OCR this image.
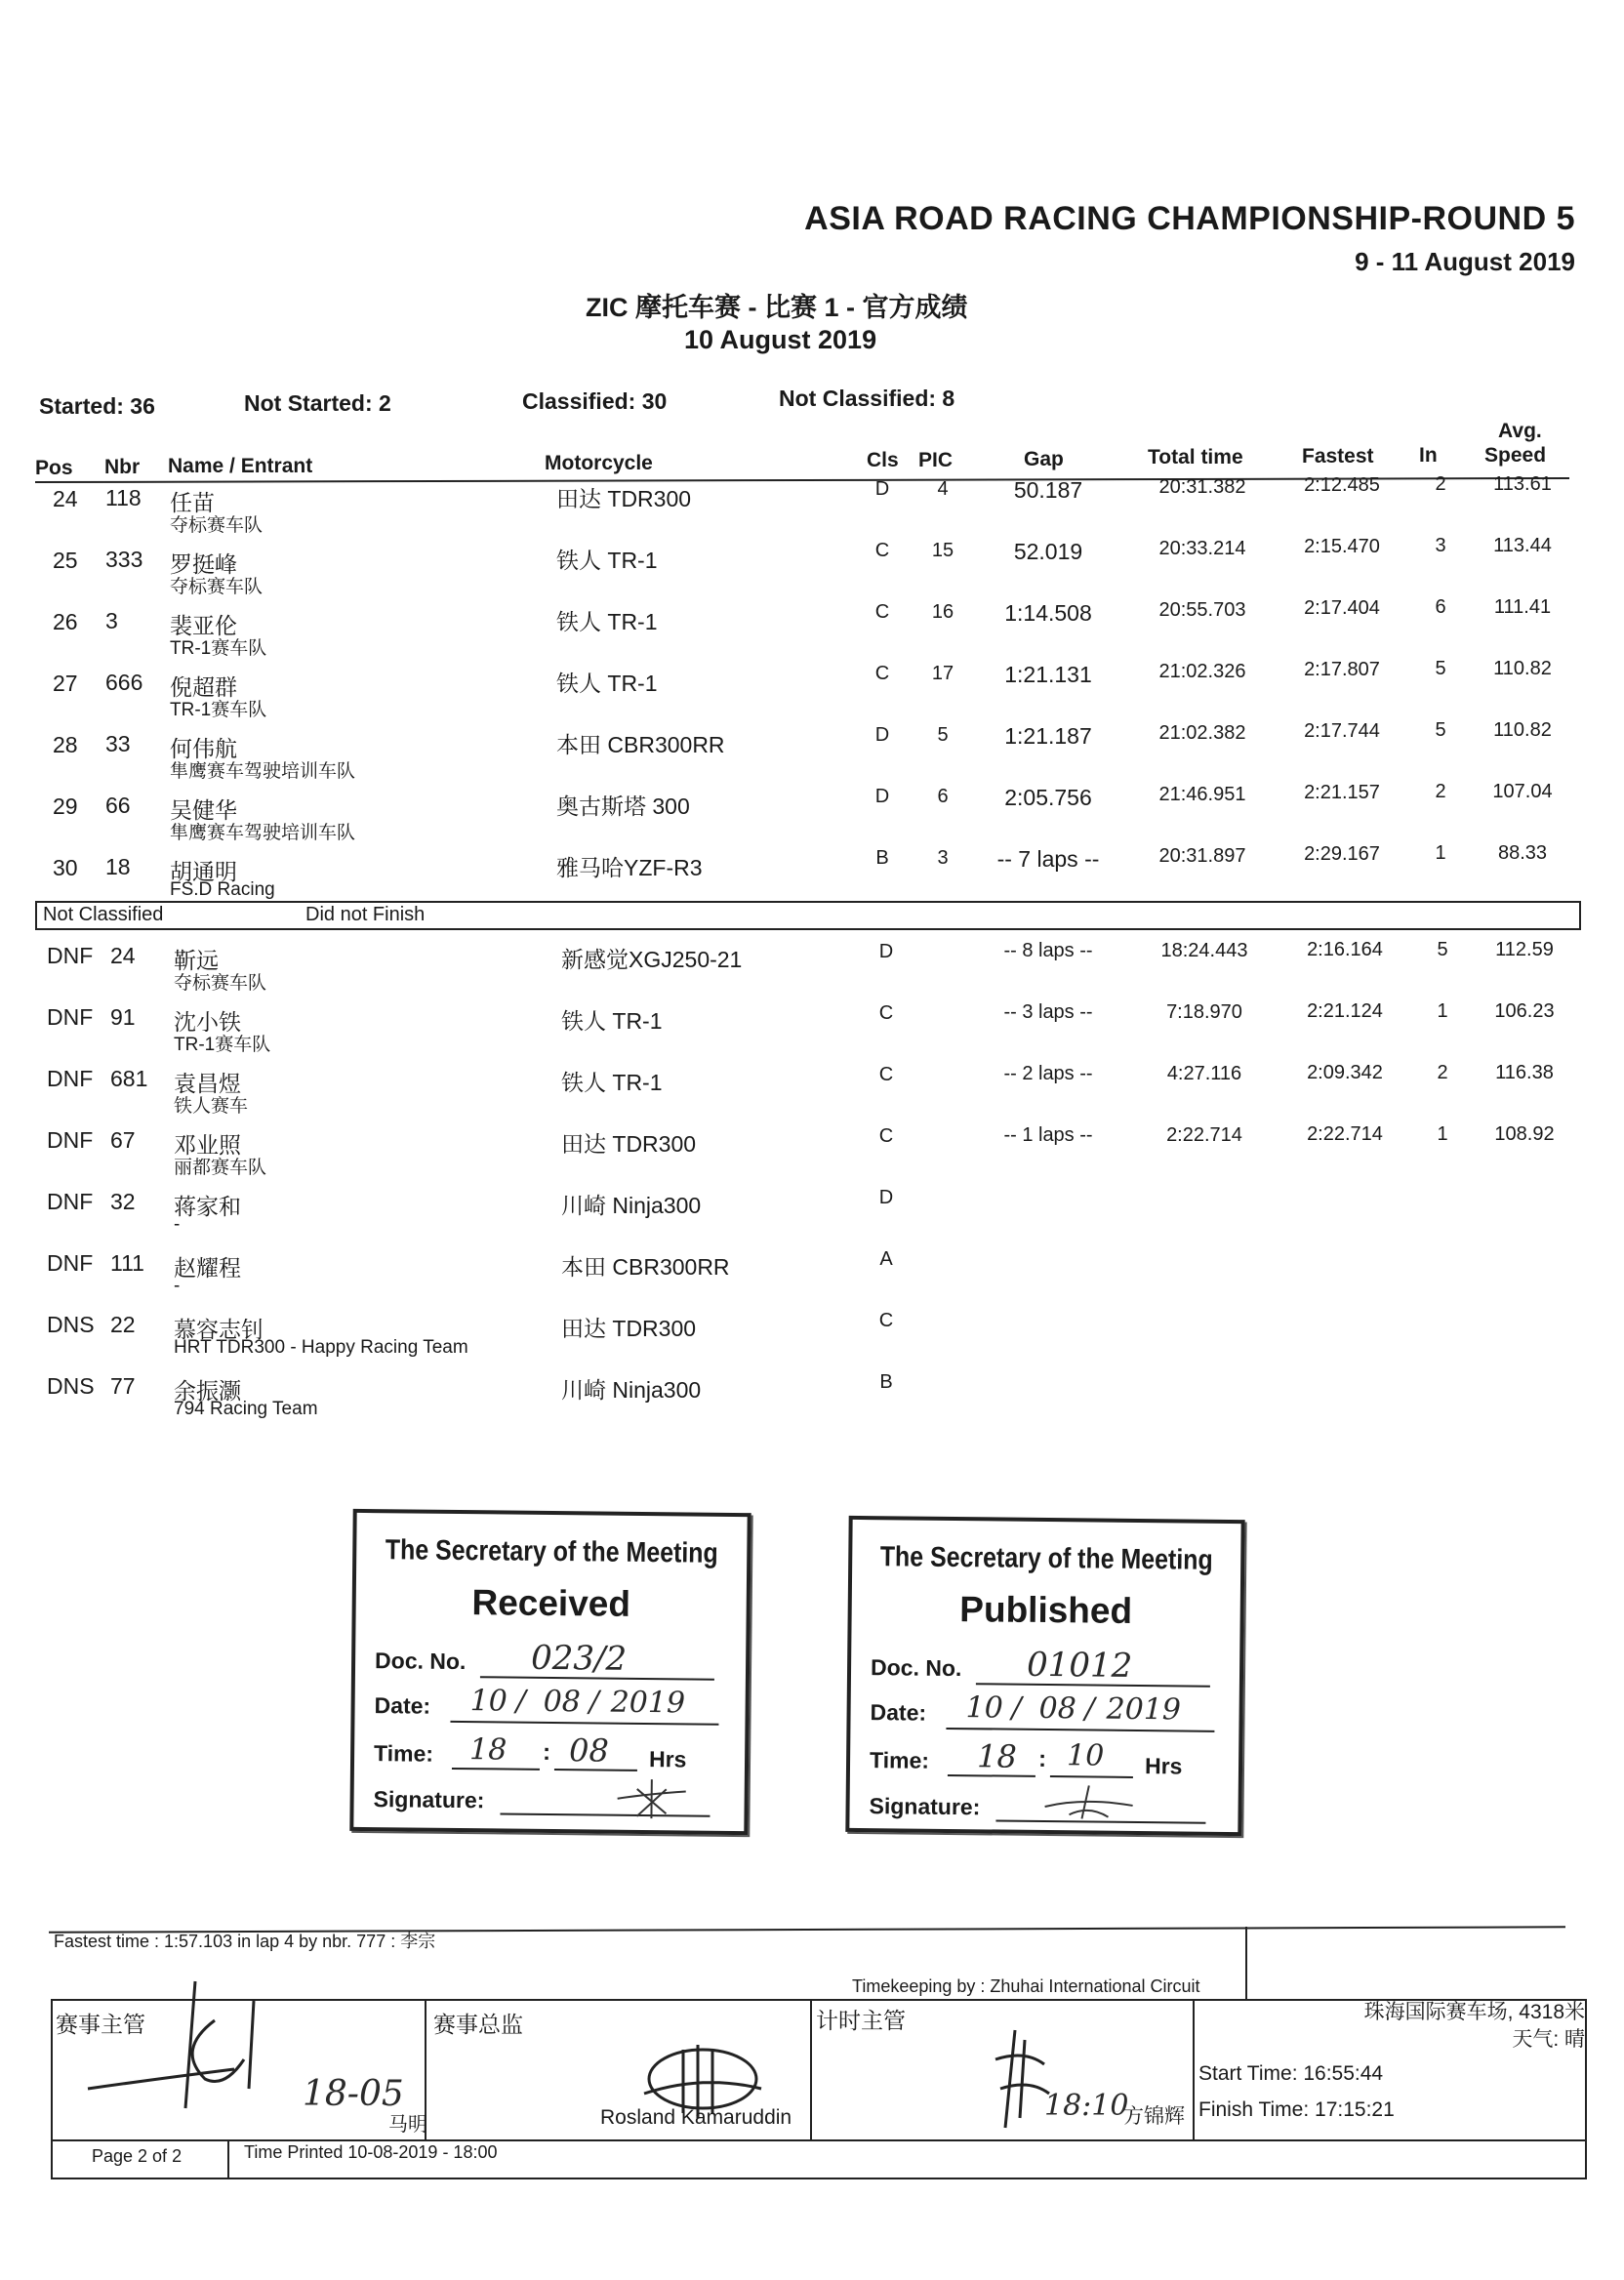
ASIA ROAD RACING CHAMPIONSHIP-ROUND 5
9 - 11 August 2019
ZIC 摩托车赛 - 比赛 1 - 官方成绩
10 August 2019
Started: 36	Not Started: 2	Classified: 30	Not Classified: 8
Pos Nbr Name / Entrant	Motorcycle	Cls PIC	Gap	Total time	Fastest In
Avg.
Speed
24 118 任苗
夺标赛车队
田达 TDR300	D	4	50.187	20:31.382	2:12.485	2	113.61
25 333 罗挺峰
夺标赛车队
铁人 TR-1	C	15	52.019	20:33.214	2:15.470	3	113.44
26 3 裴亚伦
TR-1赛车队
铁人 TR-1	C	16	1:14.508	20:55.703	2:17.404	6	111.41
27 666 倪超群
TR-1赛车队
铁人 TR-1	C	17	1:21.131	21:02.326	2:17.807	5	110.82
28 33 何伟航
隼鹰赛车驾驶培训车队
本田 CBR300RR	D	5	1:21.187	21:02.382	2:17.744	5	110.82
29 66 吴健华
隼鹰赛车驾驶培训车队
奥古斯塔 300	D	6	2:05.756	21:46.951	2:21.157	2	107.04
30 18 胡通明
FS.D Racing
雅马哈YZF-R3	B	3	-- 7 laps --	20:31.897	2:29.167	1	88.33
Not Classified	Did not Finish
DNF 24 靳远
夺标赛车队
新感觉XGJ250-21	D	-- 8 laps --	18:24.443	2:16.164	5	112.59
DNF 91 沈小铁
TR-1赛车队
铁人 TR-1	C	-- 3 laps --	7:18.970	2:21.124	1	106.23
DNF 681 袁昌煜
铁人赛车
铁人 TR-1	C	-- 2 laps --	4:27.116	2:09.342	2	116.38
DNF 67 邓业照
丽都赛车队
田达 TDR300	C	-- 1 laps --	2:22.714	2:22.714	1	108.92
DNF 32 蒋家和
-
川崎 Ninja300	D
DNF 111 赵耀程
-
本田 CBR300RR	A
DNS 22 慕容志钊
HRT TDR300 - Happy Racing Team
田达 TDR300	C
DNS 77 余振灏
794 Racing Team
川崎 Ninja300	B
The Secretary of the Meeting
Received
Doc. No. 023/2
Date: 10 / 08 / 2019
Time: 18 : 08 Hrs
Signature:
The Secretary of the Meeting
Published
Doc. No. 01012
Date: 10 / 08 / 2019
Time: 18 : 10 Hrs
Signature:
Fastest time : 1:57.103 in lap 4 by nbr. 777 : 李宗
Timekeeping by : Zhuhai International Circuit
赛事主管
18-05
马明
赛事总监
Rosland Kamaruddin
计时主管
18:10
方锦辉
珠海国际赛车场, 4318米
天气: 晴
Start Time: 16:55:44
Finish Time: 17:15:21
Page 2 of 2	Time Printed 10-08-2019 - 18:00
